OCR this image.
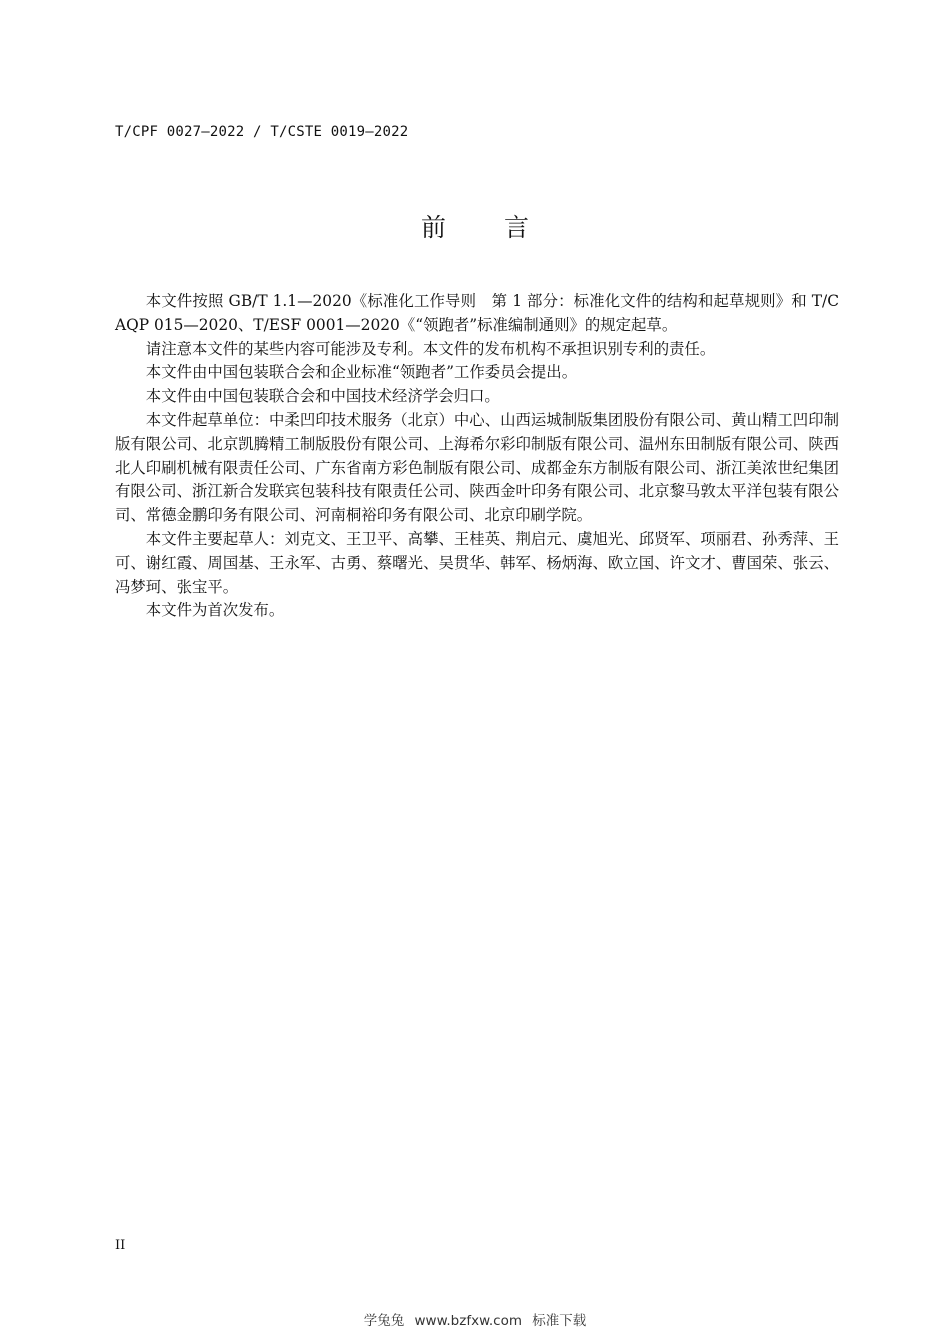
T/CPF 0027—2022 / T/CSTE 0019—2022
前 言

本文件按照 GB/T 1.1—2020《标准化工作导则　第 1 部分：标准化文件的结构和起草规则》和 T/CAQP 015—2020、T/ESF 0001—2020《“领跑者”标准编制通则》的规定起草。

请注意本文件的某些内容可能涉及专利。本文件的发布机构不承担识别专利的责任。

本文件由中国包装联合会和企业标准“领跑者”工作委员会提出。

本文件由中国包装联合会和中国技术经济学会归口。

本文件起草单位：中柔凹印技术服务（北京）中心、山西运城制版集团股份有限公司、黄山精工凹印制版有限公司、北京凯腾精工制版股份有限公司、上海希尔彩印制版有限公司、温州东田制版有限公司、陕西北人印刷机械有限责任公司、广东省南方彩色制版有限公司、成都金东方制版有限公司、浙江美浓世纪集团有限公司、浙江新合发联宾包装科技有限责任公司、陕西金叶印务有限公司、北京黎马敦太平洋包装有限公司、常德金鹏印务有限公司、河南桐裕印务有限公司、北京印刷学院。

本文件主要起草人：刘克文、王卫平、高攀、王桂英、荆启元、虞旭光、邱贤军、项丽君、孙秀萍、王可、谢红霞、周国基、王永军、古勇、蔡曙光、吴贯华、韩军、杨炳海、欧立国、许文才、曹国荣、张云、冯梦珂、张宝平。

本文件为首次发布。

II
学兔兔 www.bzfxw.com 标准下载
